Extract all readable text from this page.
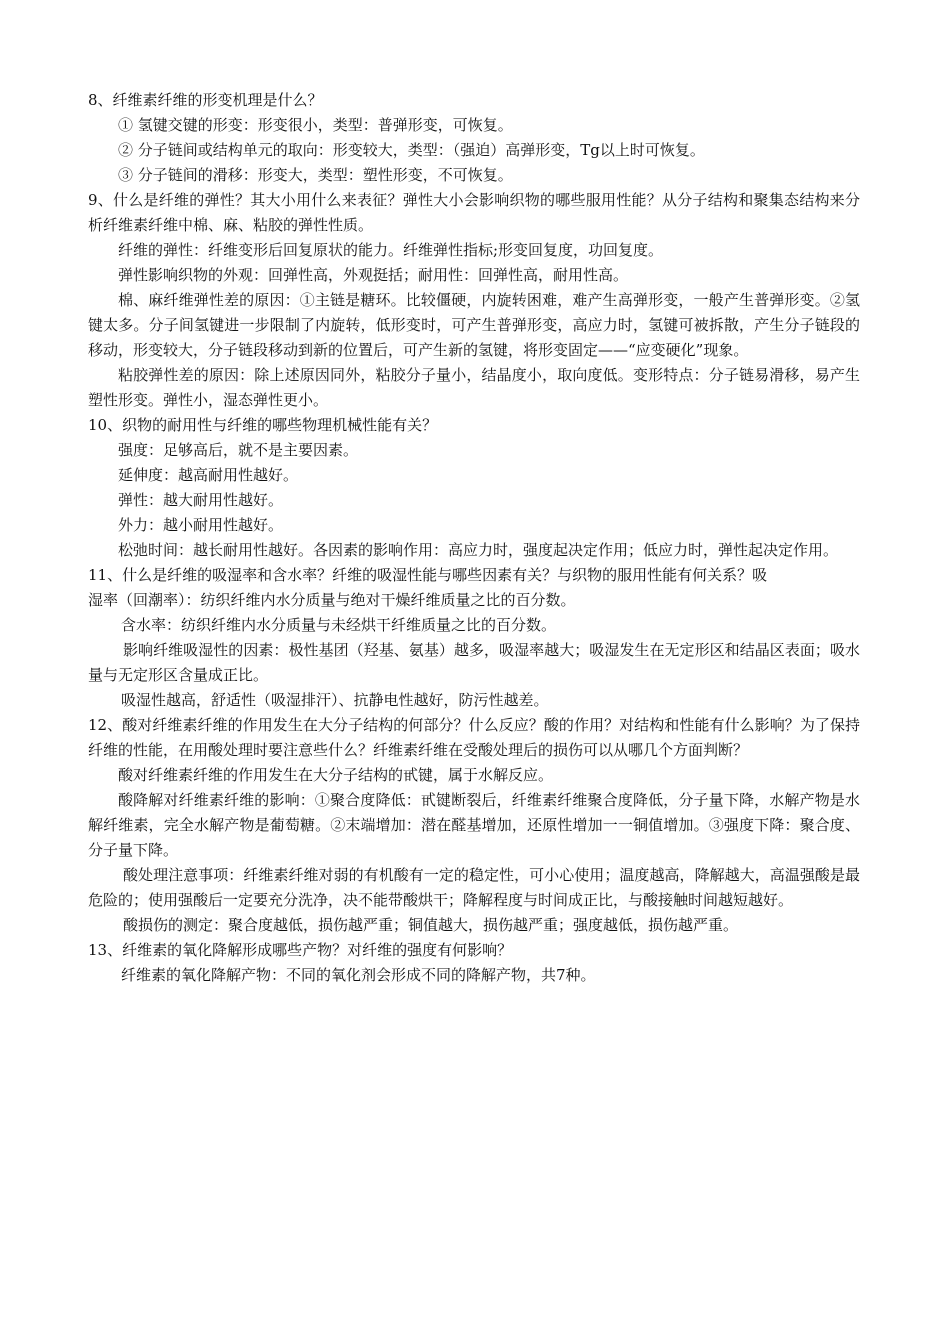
8、纤维素纤维的形变机理是什么？

① 氢键交键的形变：形变很小，类型：普弹形变，可恢复。

② 分子链间或结构单元的取向：形变较大，类型：（强迫）高弹形变，Tg以上时可恢复。

③ 分子链间的滑移：形变大，类型：塑性形变，不可恢复。

9、什么是纤维的弹性？其大小用什么来表征？弹性大小会影响织物的哪些服用性能？从分子结构和聚集态结构来分析纤维素纤维中棉、麻、粘胶的弹性性质。

纤维的弹性：纤维变形后回复原状的能力。纤维弹性指标;形变回复度，功回复度。

弹性影响织物的外观：回弹性高，外观挺括；耐用性：回弹性高，耐用性高。

棉、麻纤维弹性差的原因：①主链是糖环。比较僵硬，内旋转困难，难产生高弹形变，一般产生普弹形变。②氢键太多。分子间氢键进一步限制了内旋转，低形变时，可产生普弹形变，高应力时，氢键可被拆散，产生分子链段的移动，形变较大，分子链段移动到新的位置后，可产生新的氢键，将形变固定——“应变硬化”现象。

粘胶弹性差的原因：除上述原因同外，粘胶分子量小，结晶度小，取向度低。变形特点：分子链易滑移，易产生塑性形变。弹性小，湿态弹性更小。

10、织物的耐用性与纤维的哪些物理机械性能有关？

强度：足够高后，就不是主要因素。

延伸度：越高耐用性越好。

弹性：越大耐用性越好。

外力：越小耐用性越好。

松弛时间：越长耐用性越好。各因素的影响作用：高应力时，强度起决定作用；低应力时，弹性起决定作用。

11、什么是纤维的吸湿率和含水率？纤维的吸湿性能与哪些因素有关？与织物的服用性能有何关系？吸

湿率（回潮率）：纺织纤维内水分质量与绝对干燥纤维质量之比的百分数。

含水率：纺织纤维内水分质量与未经烘干纤维质量之比的百分数。

影响纤维吸湿性的因素：极性基团（羟基、氨基）越多，吸湿率越大；吸湿发生在无定形区和结晶区表面；吸水量与无定形区含量成正比。

吸湿性越高，舒适性（吸湿排汗）、抗静电性越好，防污性越差。

12、酸对纤维素纤维的作用发生在大分子结构的何部分？什么反应？酸的作用？对结构和性能有什么影响？为了保持纤维的性能，在用酸处理时要注意些什么？纤维素纤维在受酸处理后的损伤可以从哪几个方面判断？

酸对纤维素纤维的作用发生在大分子结构的甙键，属于水解反应。

酸降解对纤维素纤维的影响：①聚合度降低：甙键断裂后，纤维素纤维聚合度降低，分子量下降，水解产物是水解纤维素，完全水解产物是葡萄糖。②末端增加：潜在醛基增加，还原性增加一一铜值增加。③强度下降：聚合度、分子量下降。

酸处理注意事项：纤维素纤维对弱的有机酸有一定的稳定性，可小心使用；温度越高，降解越大，高温强酸是最危险的；使用强酸后一定要充分洗净，决不能带酸烘干；降解程度与时间成正比，与酸接触时间越短越好。

酸损伤的测定：聚合度越低，损伤越严重；铜值越大，损伤越严重；强度越低，损伤越严重。

13、纤维素的氧化降解形成哪些产物？对纤维的强度有何影响？

纤维素的氧化降解产物：不同的氧化剂会形成不同的降解产物，共7种。
